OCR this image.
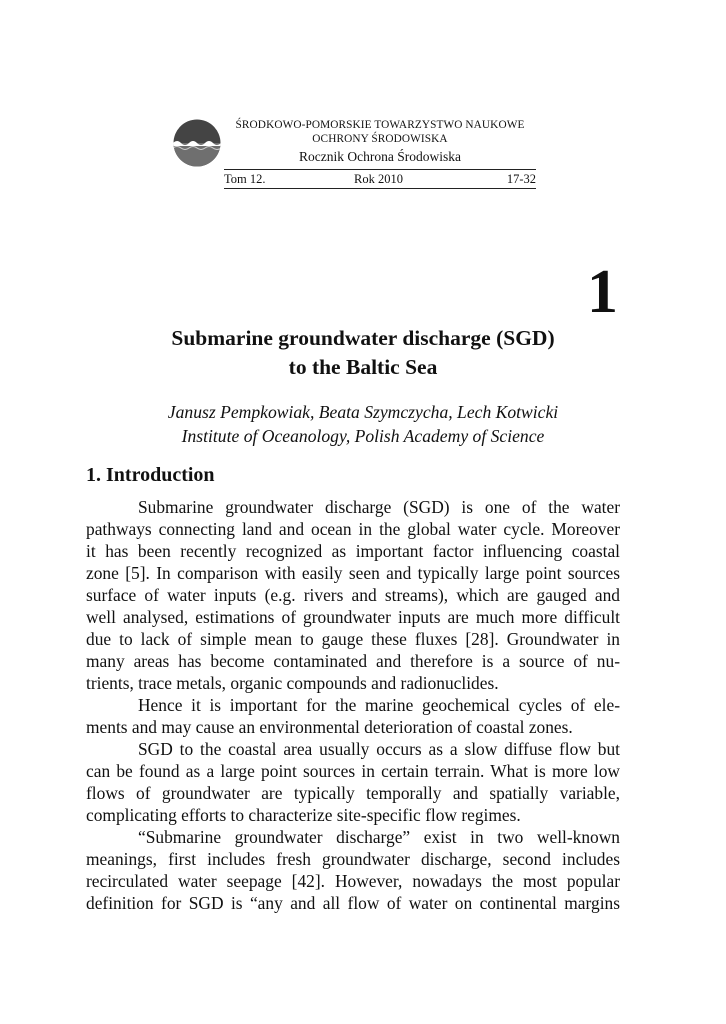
ŚRODKOWO-POMORSKIE TOWARZYSTWO NAUKOWE
OCHRONY ŚRODOWISKA
Rocznik Ochrona Środowiska
Tom 12.	Rok 2010	17-32
1
Submarine groundwater discharge (SGD)
to the Baltic Sea
Janusz Pempkowiak, Beata Szymczycha, Lech Kotwicki
Institute of Oceanology, Polish Academy of Science
1. Introduction
Submarine groundwater discharge (SGD) is one of the water
pathways connecting land and ocean in the global water cycle. Moreover
it has been recently recognized as important factor influencing coastal
zone [5]. In comparison with easily seen and typically large point sources
surface of water inputs (e.g. rivers and streams), which are gauged and
well analysed, estimations of groundwater inputs are much more difficult
due to lack of simple mean to gauge these fluxes [28]. Groundwater in
many areas has become contaminated and therefore is a source of nu-
trients, trace metals, organic compounds and radionuclides.
Hence it is important for the marine geochemical cycles of ele-
ments and may cause an environmental deterioration of coastal zones.
SGD to the coastal area usually occurs as a slow diffuse flow but
can be found as a large point sources in certain terrain. What is more low
flows of groundwater are typically temporally and spatially variable,
complicating efforts to characterize site-specific flow regimes.
“Submarine groundwater discharge” exist in two well-known
meanings, first includes fresh groundwater discharge, second includes
recirculated water seepage [42]. However, nowadays the most popular
definition for SGD is “any and all flow of water on continental margins
